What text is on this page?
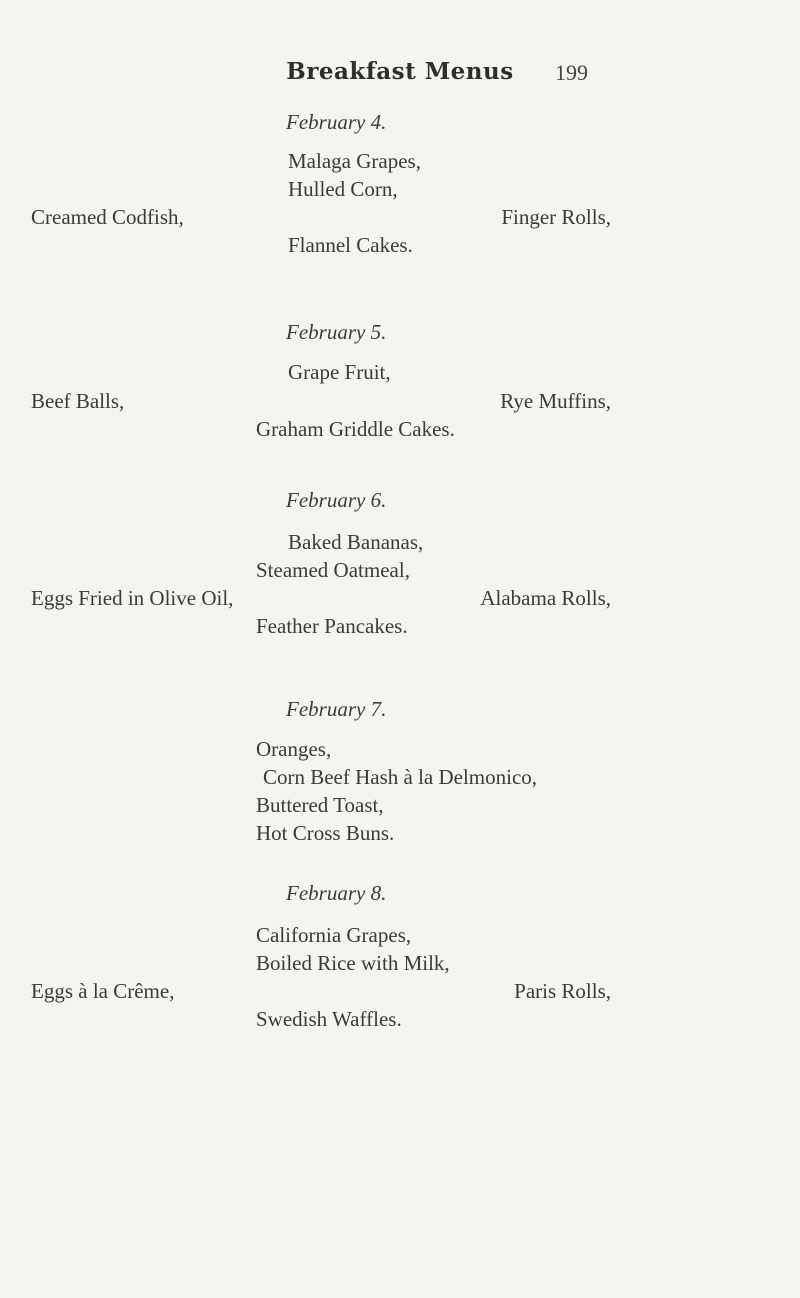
Breakfast Menus	199
February 4.
Malaga Grapes,
Hulled Corn,
Creamed Codfish,	Finger Rolls,
Flannel Cakes.
February 5.
Grape Fruit,
Beef Balls,	Rye Muffins,
Graham Griddle Cakes.
February 6.
Baked Bananas,
Steamed Oatmeal,
Eggs Fried in Olive Oil,	Alabama Rolls,
Feather Pancakes.
February 7.
Oranges,
Corn Beef Hash à la Delmonico,
Buttered Toast,
Hot Cross Buns.
February 8.
California Grapes,
Boiled Rice with Milk,
Eggs à la Crême,	Paris Rolls,
Swedish Waffles.
